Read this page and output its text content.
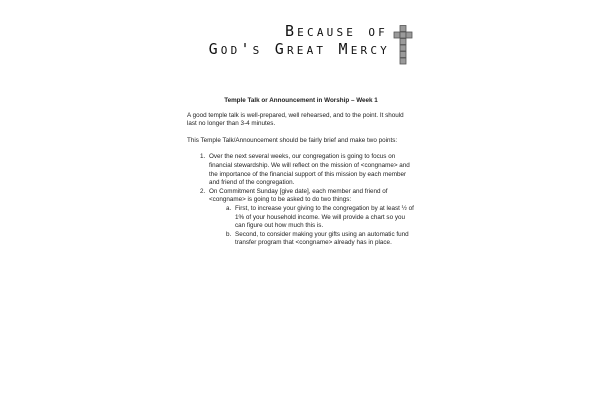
Because of
God's Great Mercy
Temple Talk or Announcement in Worship – Week 1

A good temple talk is well-prepared, well rehearsed, and to the point. It should last no longer than 3-4 minutes.

This Temple Talk/Announcement should be fairly brief and make two points:

1. Over the next several weeks, our congregation is going to focus on financial stewardship. We will reflect on the mission of <congname> and the importance of the financial support of this mission by each member and friend of the congregation.
2. On Commitment Sunday [give date], each member and friend of <congname> is going to be asked to do two things:
a. First, to increase your giving to the congregation by at least ½ of 1% of your household income. We will provide a chart so you can figure out how much this is.
b. Second, to consider making your gifts using an automatic fund transfer program that <congname> already has in place.
